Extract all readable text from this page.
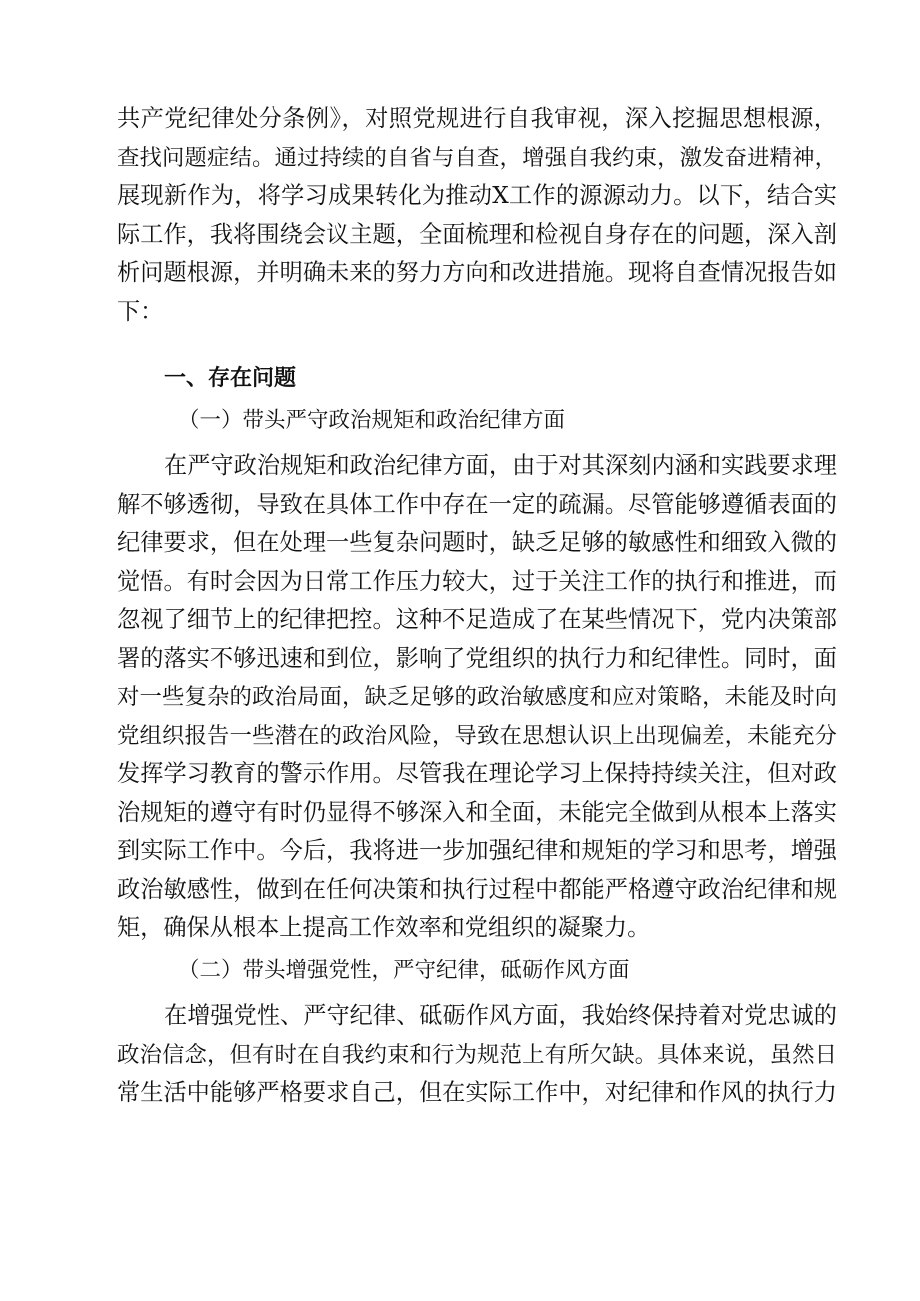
共产党纪律处分条例》，对照党规进行自我审视，深入挖掘思想根源，
查找问题症结。通过持续的自省与自查，增强自我约束，激发奋进精神，
展现新作为，将学习成果转化为推动X工作的源源动力。以下，结合实
际工作，我将围绕会议主题，全面梳理和检视自身存在的问题，深入剖
析问题根源，并明确未来的努力方向和改进措施。现将自查情况报告如
下：
一、存在问题
（一）带头严守政治规矩和政治纪律方面
在严守政治规矩和政治纪律方面，由于对其深刻内涵和实践要求理
解不够透彻，导致在具体工作中存在一定的疏漏。尽管能够遵循表面的
纪律要求，但在处理一些复杂问题时，缺乏足够的敏感性和细致入微的
觉悟。有时会因为日常工作压力较大，过于关注工作的执行和推进，而
忽视了细节上的纪律把控。这种不足造成了在某些情况下，党内决策部
署的落实不够迅速和到位，影响了党组织的执行力和纪律性。同时，面
对一些复杂的政治局面，缺乏足够的政治敏感度和应对策略，未能及时向
党组织报告一些潜在的政治风险，导致在思想认识上出现偏差，未能充分
发挥学习教育的警示作用。尽管我在理论学习上保持持续关注，但对政
治规矩的遵守有时仍显得不够深入和全面，未能完全做到从根本上落实
到实际工作中。今后，我将进一步加强纪律和规矩的学习和思考，增强
政治敏感性，做到在任何决策和执行过程中都能严格遵守政治纪律和规
矩，确保从根本上提高工作效率和党组织的凝聚力。
（二）带头增强党性，严守纪律，砥砺作风方面
在增强党性、严守纪律、砥砺作风方面，我始终保持着对党忠诚的
政治信念，但有时在自我约束和行为规范上有所欠缺。具体来说，虽然日
常生活中能够严格要求自己，但在实际工作中，对纪律和作风的执行力
